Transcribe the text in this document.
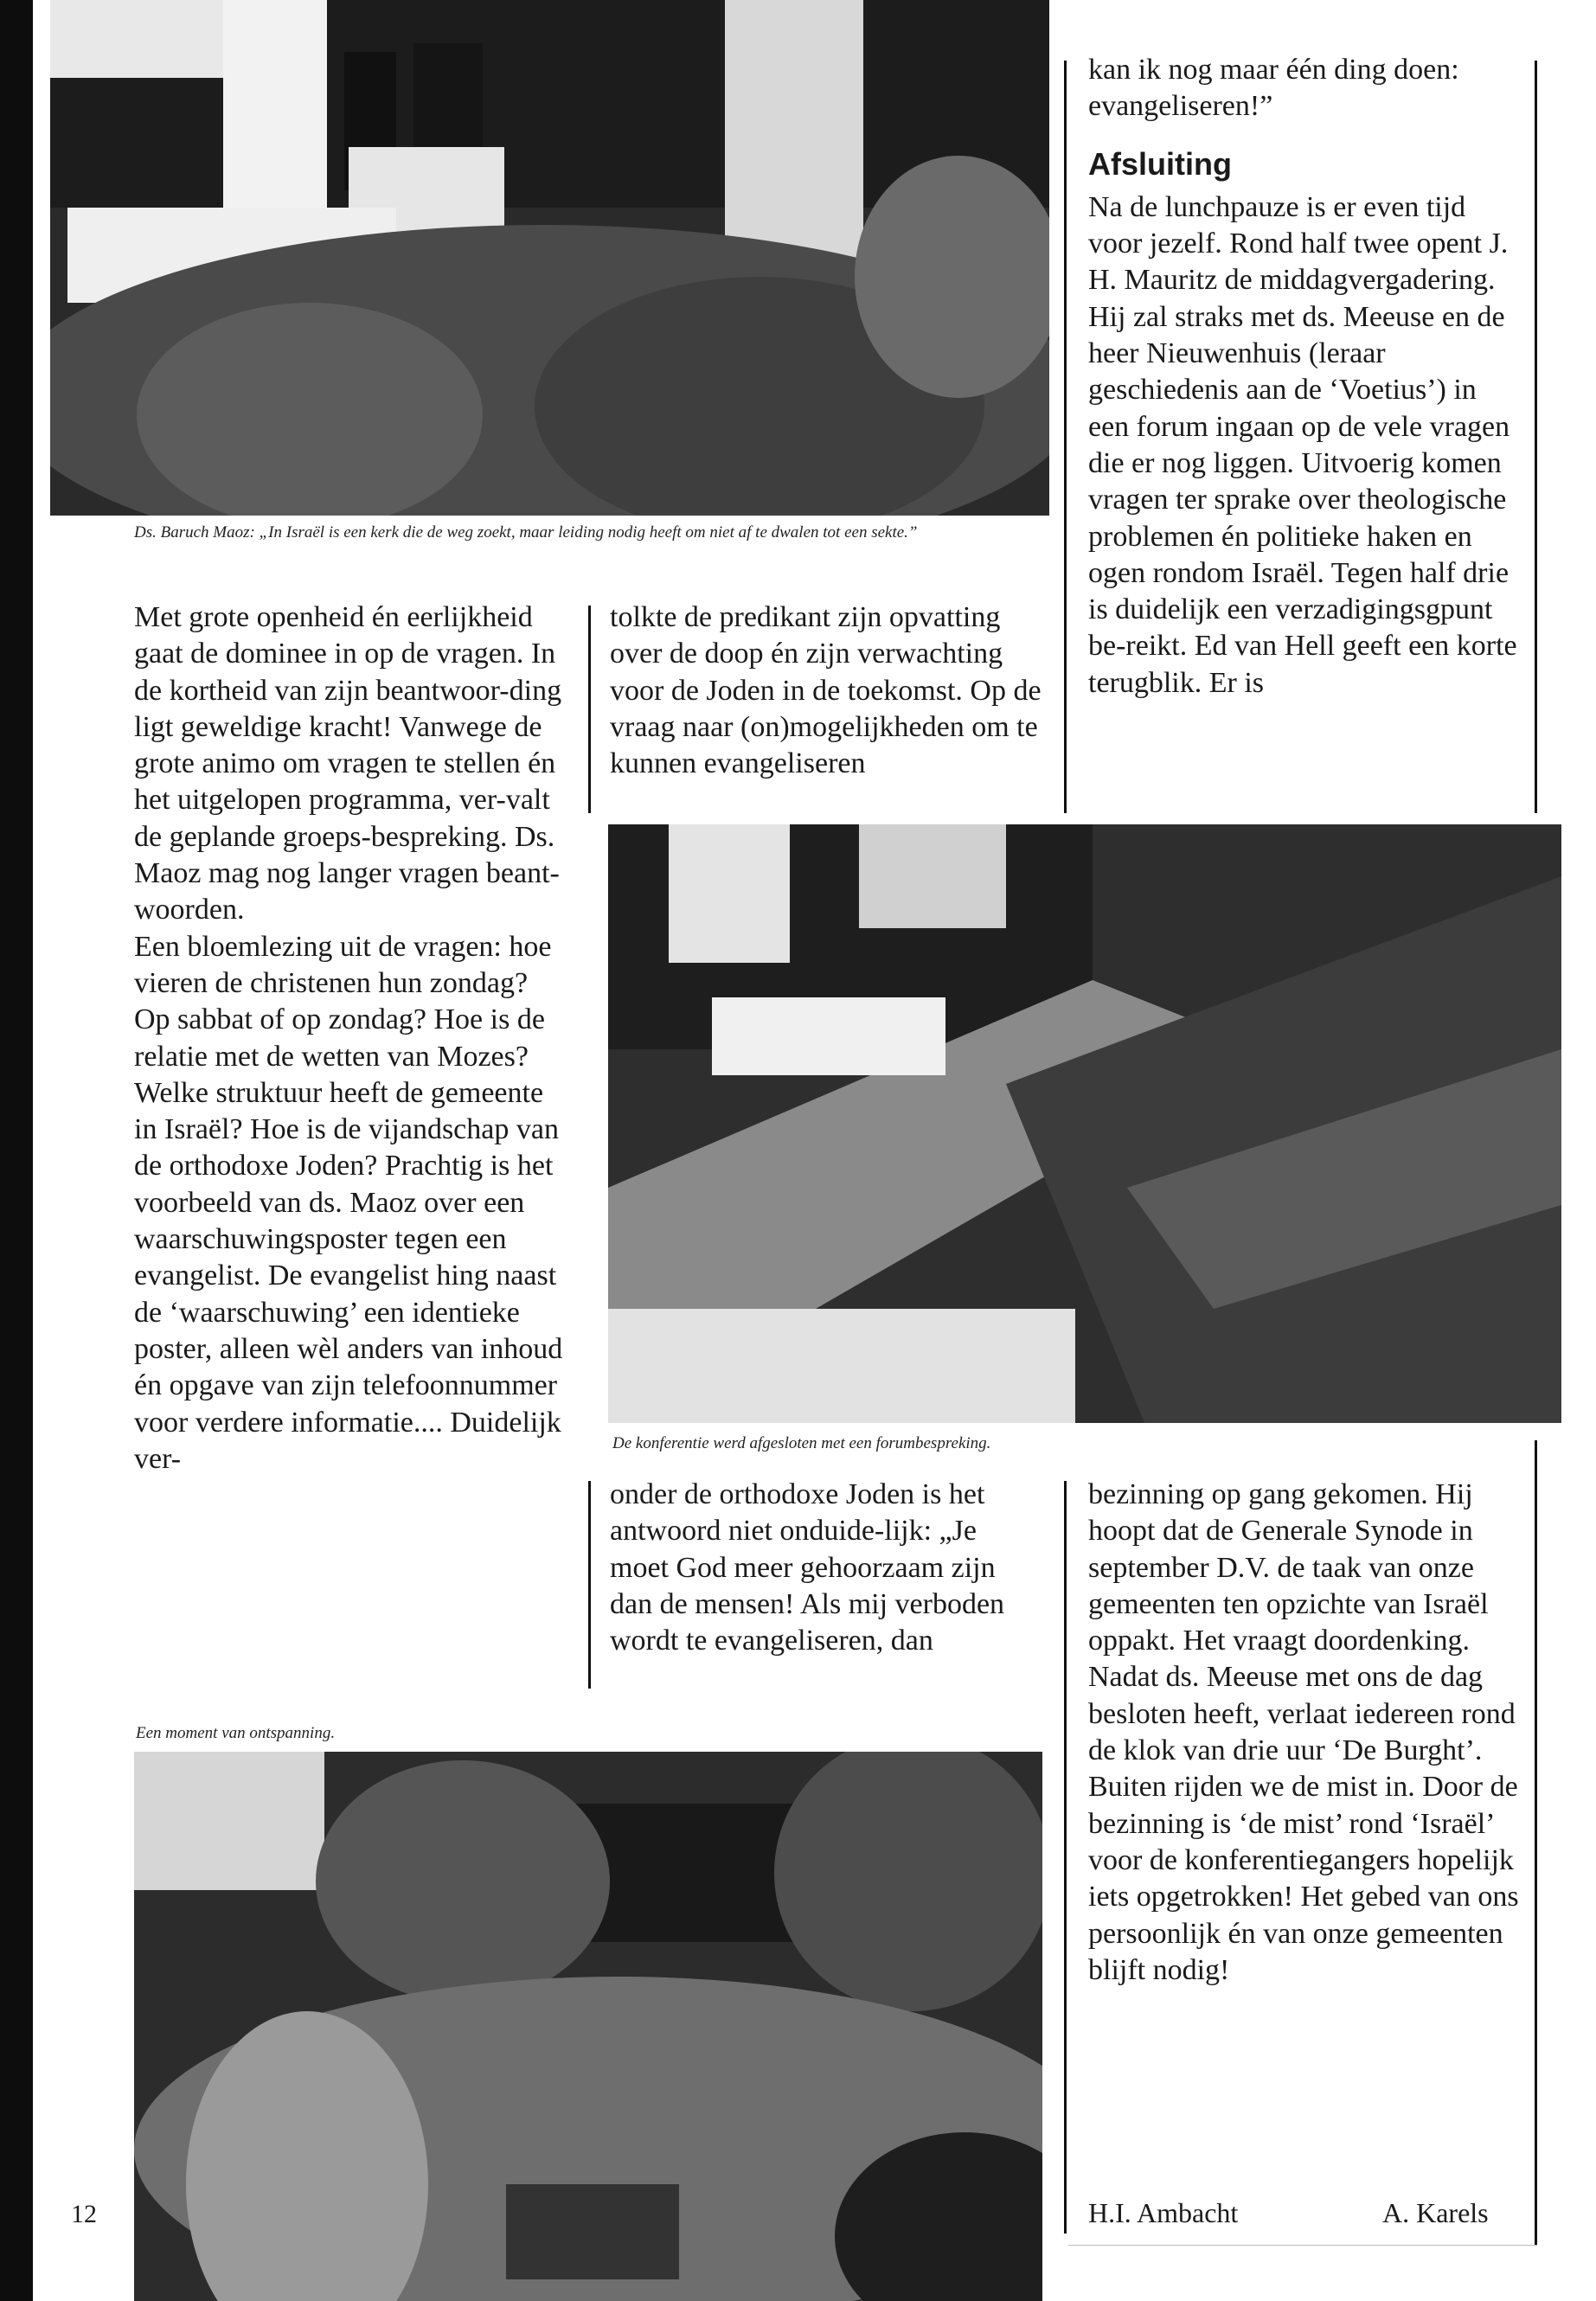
Ds. Baruch Maoz: „In Israël is een kerk die de weg zoekt, maar leiding nodig heeft om niet af te dwalen tot een sekte.”
De konferentie werd afgesloten met een forumbespreking.
Een moment van ontspanning.

Met grote openheid én eerlijkheid gaat de dominee in op de vragen. In de kortheid van zijn beantwoor-ding ligt geweldige kracht! Vanwege de grote animo om vragen te stellen én het uitgelopen programma, ver-valt de geplande groeps-bespreking. Ds. Maoz mag nog langer vragen beant-woorden.

Een bloemlezing uit de vragen: hoe vieren de christenen hun zondag? Op sabbat of op zondag? Hoe is de relatie met de wetten van Mozes? Welke struktuur heeft de gemeente in Israël? Hoe is de vijandschap van de orthodoxe Joden? Prachtig is het voorbeeld van ds. Maoz over een waarschuwingsposter tegen een evangelist. De evangelist hing naast de ‘waarschuwing’ een identieke poster, alleen wèl anders van inhoud én opgave van zijn telefoonnummer voor verdere informatie.... Duidelijk ver-

tolkte de predikant zijn opvatting over de doop én zijn verwachting voor de Joden in de toekomst. Op de vraag naar (on)mogelijkheden om te kunnen evangeliseren
onder de orthodoxe Joden is het antwoord niet onduide-lijk: „Je moet God meer gehoorzaam zijn dan de mensen! Als mij verboden wordt te evangeliseren, dan

kan ik nog maar één ding doen: evangeliseren!”

Afsluiting

Na de lunchpauze is er even tijd voor jezelf. Rond half twee opent J. H. Mauritz de middagvergadering. Hij zal straks met ds. Meeuse en de heer Nieuwenhuis (leraar geschiedenis aan de ‘Voetius’) in een forum ingaan op de vele vragen die er nog liggen. Uitvoerig komen vragen ter sprake over theologische problemen én politieke haken en ogen rondom Israël. Tegen half drie is duidelijk een verzadigingsgpunt be-reikt. Ed van Hell geeft een korte terugblik. Er is

bezinning op gang gekomen. Hij hoopt dat de Generale Synode in september D.V. de taak van onze gemeenten ten opzichte van Israël oppakt. Het vraagt doordenking. Nadat ds. Meeuse met ons de dag besloten heeft, verlaat iedereen rond de klok van drie uur ‘De Burght’. Buiten rijden we de mist in. Door de bezinning is ‘de mist’ rond ‘Israël’ voor de konferentiegangers hopelijk iets opgetrokken! Het gebed van ons persoonlijk én van onze gemeenten blijft nodig!
12	H.I. Ambacht	A. Karels
